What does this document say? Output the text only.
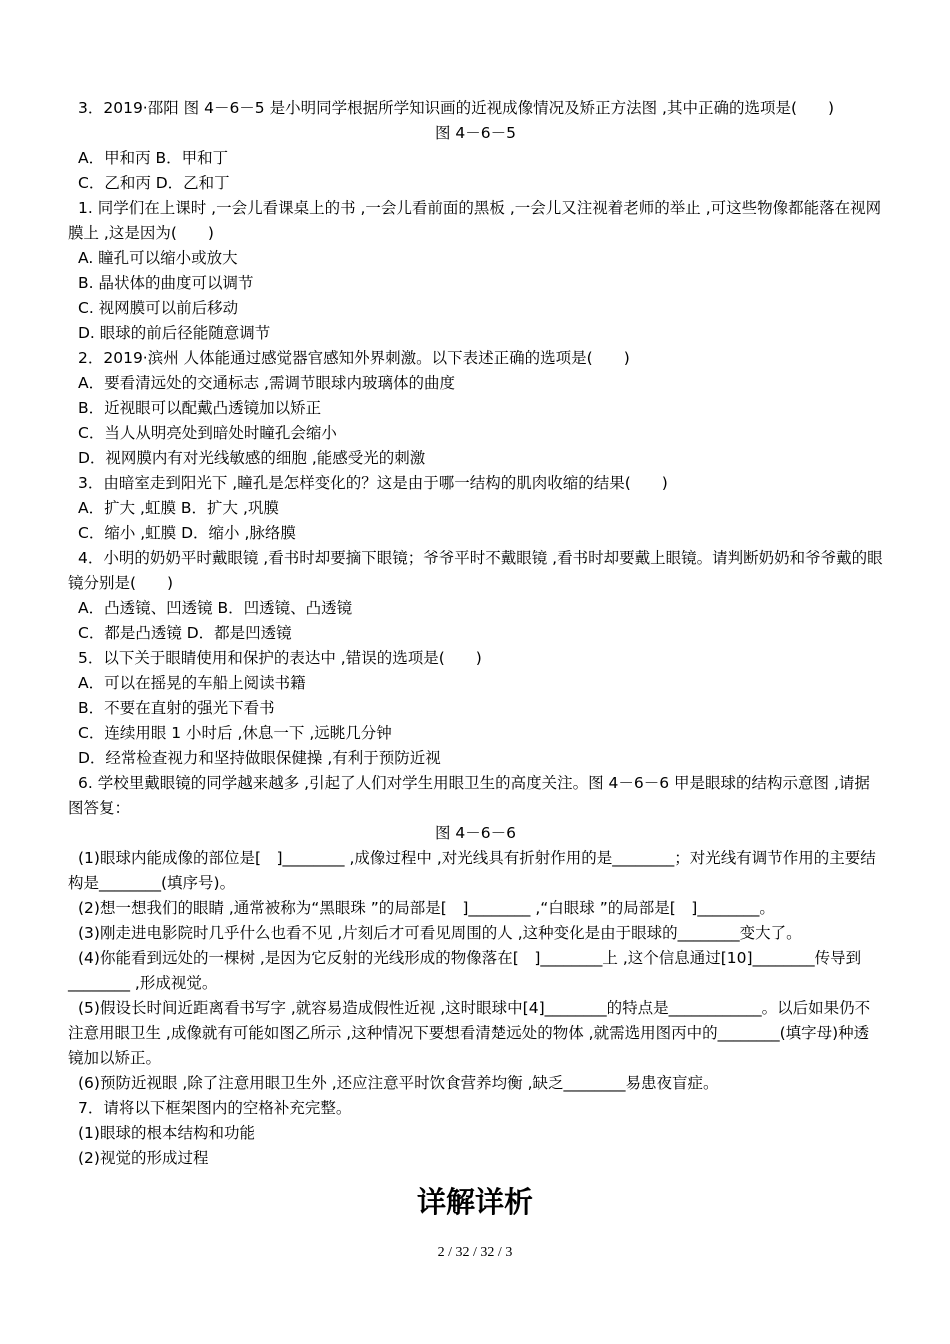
3．2019·邵阳 图 4－6－5 是小明同学根据所学知识画的近视成像情况及矫正方法图 ,其中正确的选项是(　　)
图 4－6－5
A．甲和丙 B．甲和丁
C．乙和丙 D．乙和丁
1. 同学们在上课时 ,一会儿看课桌上的书 ,一会儿看前面的黑板 ,一会儿又注视着老师的举止 ,可这些物像都能落在视网膜上 ,这是因为(　　)
A. 瞳孔可以缩小或放大
B. 晶状体的曲度可以调节
C. 视网膜可以前后移动
D. 眼球的前后径能随意调节
2．2019·滨州 人体能通过感觉器官感知外界刺激。以下表述正确的选项是(　　)
A．要看清远处的交通标志 ,需调节眼球内玻璃体的曲度
B．近视眼可以配戴凸透镜加以矫正
C．当人从明亮处到暗处时瞳孔会缩小
D．视网膜内有对光线敏感的细胞 ,能感受光的刺激
3．由暗室走到阳光下 ,瞳孔是怎样变化的？这是由于哪一结构的肌肉收缩的结果(　　)
A．扩大 ,虹膜 B．扩大 ,巩膜
C．缩小 ,虹膜 D．缩小 ,脉络膜
4．小明的奶奶平时戴眼镜 ,看书时却要摘下眼镜；爷爷平时不戴眼镜 ,看书时却要戴上眼镜。请判断奶奶和爷爷戴的眼镜分别是(　　)
A．凸透镜、凹透镜 B．凹透镜、凸透镜
C．都是凸透镜 D．都是凹透镜
5．以下关于眼睛使用和保护的表达中 ,错误的选项是(　　)
A．可以在摇晃的车船上阅读书籍
B．不要在直射的强光下看书
C．连续用眼 1 小时后 ,休息一下 ,远眺几分钟
D．经常检查视力和坚持做眼保健操 ,有利于预防近视
6. 学校里戴眼镜的同学越来越多 ,引起了人们对学生用眼卫生的高度关注。图 4－6－6 甲是眼球的结构示意图 ,请据图答复：
图 4－6－6
(1)眼球内能成像的部位是[　]________ ,成像过程中 ,对光线具有折射作用的是________；对光线有调节作用的主要结构是________(填序号)。
(2)想一想我们的眼睛 ,通常被称为“黑眼珠 ”的局部是[　]________ ,“白眼球 ”的局部是[　]________。
(3)刚走进电影院时几乎什么也看不见 ,片刻后才可看见周围的人 ,这种变化是由于眼球的________变大了。
(4)你能看到远处的一棵树 ,是因为它反射的光线形成的物像落在[　]________上 ,这个信息通过[10]________传导到________ ,形成视觉。
(5)假设长时间近距离看书写字 ,就容易造成假性近视 ,这时眼球中[4]________的特点是____________。以后如果仍不注意用眼卫生 ,成像就有可能如图乙所示 ,这种情况下要想看清楚远处的物体 ,就需选用图丙中的________(填字母)种透镜加以矫正。
(6)预防近视眼 ,除了注意用眼卫生外 ,还应注意平时饮食营养均衡 ,缺乏________易患夜盲症。
7．请将以下框架图内的空格补充完整。
(1)眼球的根本结构和功能
(2)视觉的形成过程
详解详析
2 / 32 / 32 / 3
